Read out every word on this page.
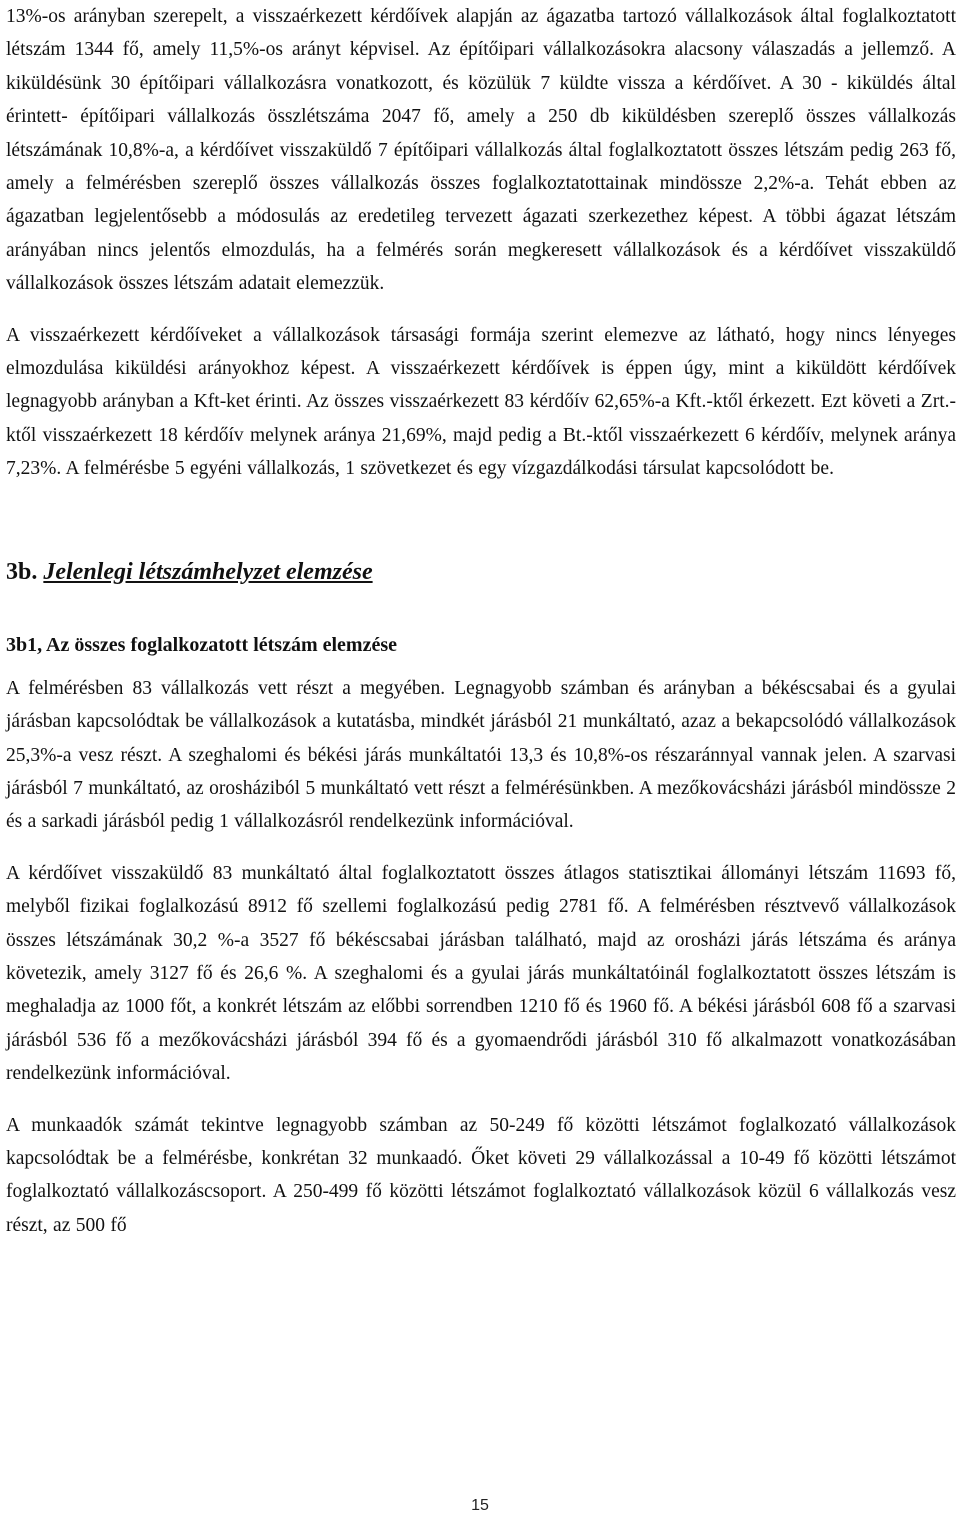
13%-os arányban szerepelt, a visszaérkezett kérdőívek alapján az ágazatba tartozó vállalkozások által foglalkoztatott létszám 1344 fő, amely 11,5%-os arányt képvisel. Az építőipari vállalkozásokra alacsony válaszadás a jellemző. A kiküldésünk 30 építőipari vállalkozásra vonatkozott, és közülük 7 küldte vissza a kérdőívet. A 30 - kiküldés által érintett- építőipari vállalkozás összlétszáma 2047 fő, amely a 250 db kiküldésben szereplő összes vállalkozás létszámának 10,8%-a, a kérdőívet visszaküldő 7 építőipari vállalkozás által foglalkoztatott összes létszám pedig 263 fő, amely a felmérésben szereplő összes vállalkozás összes foglalkoztatottainak mindössze 2,2%-a. Tehát ebben az ágazatban legjelentősebb a módosulás az eredetileg tervezett ágazati szerkezethez képest. A többi ágazat létszám arányában nincs jelentős elmozdulás, ha a felmérés során megkeresett vállalkozások és a kérdőívet visszaküldő vállalkozások összes létszám adatait elemezzük.

A visszaérkezett kérdőíveket a vállalkozások társasági formája szerint elemezve az látható, hogy nincs lényeges elmozdulása kiküldési arányokhoz képest. A visszaérkezett kérdőívek is éppen úgy, mint a kiküldött kérdőívek legnagyobb arányban a Kft-ket érinti. Az összes visszaérkezett 83 kérdőív 62,65%-a Kft.-ktől érkezett. Ezt követi a Zrt.-ktől visszaérkezett 18 kérdőív melynek aránya 21,69%, majd pedig a Bt.-ktől visszaérkezett 6 kérdőív, melynek aránya 7,23%. A felmérésbe 5 egyéni vállalkozás, 1 szövetkezet és egy vízgazdálkodási társulat kapcsolódott be.

3b. Jelenlegi létszámhelyzet elemzése
3b1, Az összes foglalkozatott létszám elemzése

A felmérésben 83 vállalkozás vett részt a megyében. Legnagyobb számban és arányban a békéscsabai és a gyulai járásban kapcsolódtak be vállalkozások a kutatásba, mindkét járásból 21 munkáltató, azaz a bekapcsolódó vállalkozások 25,3%-a vesz részt. A szeghalomi és békési járás munkáltatói 13,3 és 10,8%-os részaránnyal vannak jelen. A szarvasi járásból 7 munkáltató, az orosháziból 5 munkáltató vett részt a felmérésünkben. A mezőkovácsházi járásból mindössze 2 és a sarkadi járásból pedig 1 vállalkozásról rendelkezünk információval.

A kérdőívet visszaküldő 83 munkáltató által foglalkoztatott összes átlagos statisztikai állományi létszám 11693 fő, melyből fizikai foglalkozású 8912 fő szellemi foglalkozású pedig 2781 fő. A felmérésben résztvevő vállalkozások összes létszámának 30,2 %-a 3527 fő békéscsabai járásban található, majd az orosházi járás létszáma és aránya követezik, amely 3127 fő és 26,6 %. A szeghalomi és a gyulai járás munkáltatóinál foglalkoztatott összes létszám is meghaladja az 1000 főt, a konkrét létszám az előbbi sorrendben 1210 fő és 1960 fő. A békési járásból 608 fő a szarvasi járásból 536 fő a mezőkovácsházi járásból 394 fő és a gyomaendrődi járásból 310 fő alkalmazott vonatkozásában rendelkezünk információval.

A munkaadók számát tekintve legnagyobb számban az 50-249 fő közötti létszámot foglalkozató vállalkozások kapcsolódtak be a felmérésbe, konkrétan 32 munkaadó. Őket követi 29 vállalkozással a 10-49 fő közötti létszámot foglalkoztató vállalkozáscsoport. A 250-499 fő közötti létszámot foglalkoztató vállalkozások közül 6 vállalkozás vesz részt, az 500 fő

15
